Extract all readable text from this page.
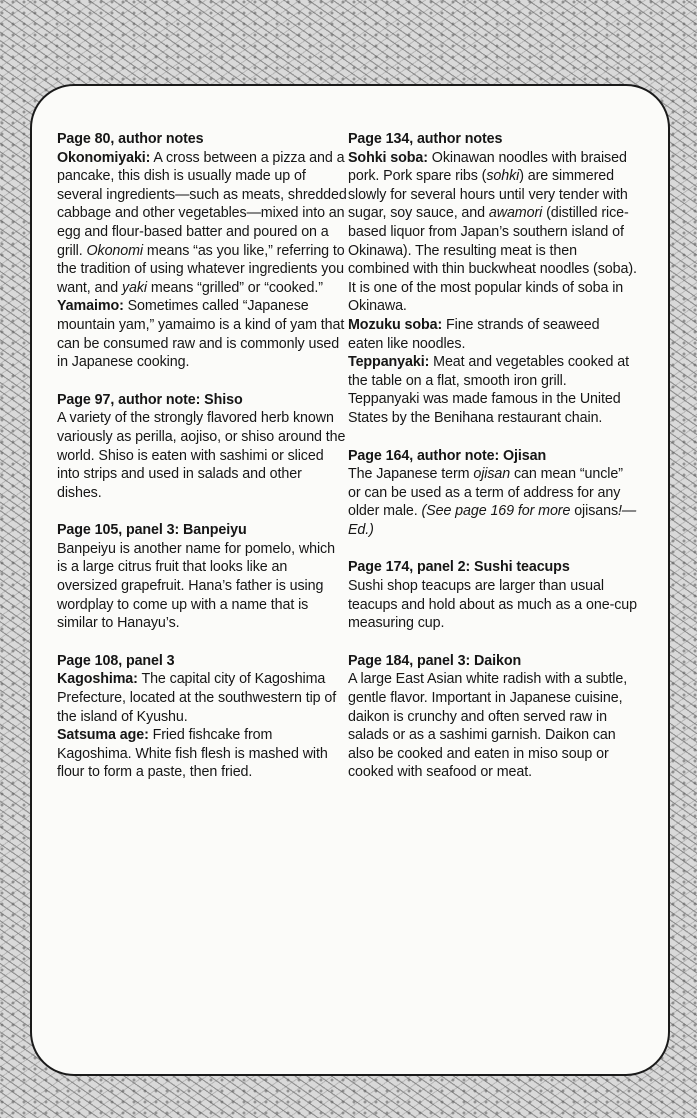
Page 80, author notes

Okonomiyaki: A cross between a pizza and a pancake, this dish is usually made up of several ingredients—such as meats, shredded cabbage and other vegetables—mixed into an egg and flour-based batter and poured on a grill. Okonomi means “as you like,” referring to the tradition of using whatever ingredients you want, and yaki means “grilled” or “cooked.”

Yamaimo: Sometimes called “Japanese mountain yam,” yamaimo is a kind of yam that can be consumed raw and is commonly used in Japanese cooking.

Page 97, author note: Shiso

A variety of the strongly flavored herb known variously as perilla, aojiso, or shiso around the world. Shiso is eaten with sashimi or sliced into strips and used in salads and other dishes.

Page 105, panel 3: Banpeiyu

Banpeiyu is another name for pomelo, which is a large citrus fruit that looks like an oversized grapefruit. Hana’s father is using wordplay to come up with a name that is similar to Hanayu’s.

Page 108, panel 3

Kagoshima: The capital city of Kagoshima Prefecture, located at the southwestern tip of the island of Kyushu.

Satsuma age: Fried fishcake from Kagoshima. White fish flesh is mashed with flour to form a paste, then fried.

Page 134, author notes

Sohki soba: Okinawan noodles with braised pork. Pork spare ribs (sohki) are simmered slowly for several hours until very tender with sugar, soy sauce, and awamori (distilled rice-based liquor from Japan’s southern island of Okinawa). The resulting meat is then combined with thin buckwheat noodles (soba). It is one of the most popular kinds of soba in Okinawa.

Mozuku soba: Fine strands of seaweed eaten like noodles.

Teppanyaki: Meat and vegetables cooked at the table on a flat, smooth iron grill. Teppanyaki was made famous in the United States by the Benihana restaurant chain.

Page 164, author note: Ojisan

The Japanese term ojisan can mean “uncle” or can be used as a term of address for any older male. (See page 169 for more ojisans!—Ed.)

Page 174, panel 2: Sushi teacups

Sushi shop teacups are larger than usual teacups and hold about as much as a one-cup measuring cup.

Page 184, panel 3: Daikon

A large East Asian white radish with a subtle, gentle flavor. Important in Japanese cuisine, daikon is crunchy and often served raw in salads or as a sashimi garnish. Daikon can also be cooked and eaten in miso soup or cooked with seafood or meat.
